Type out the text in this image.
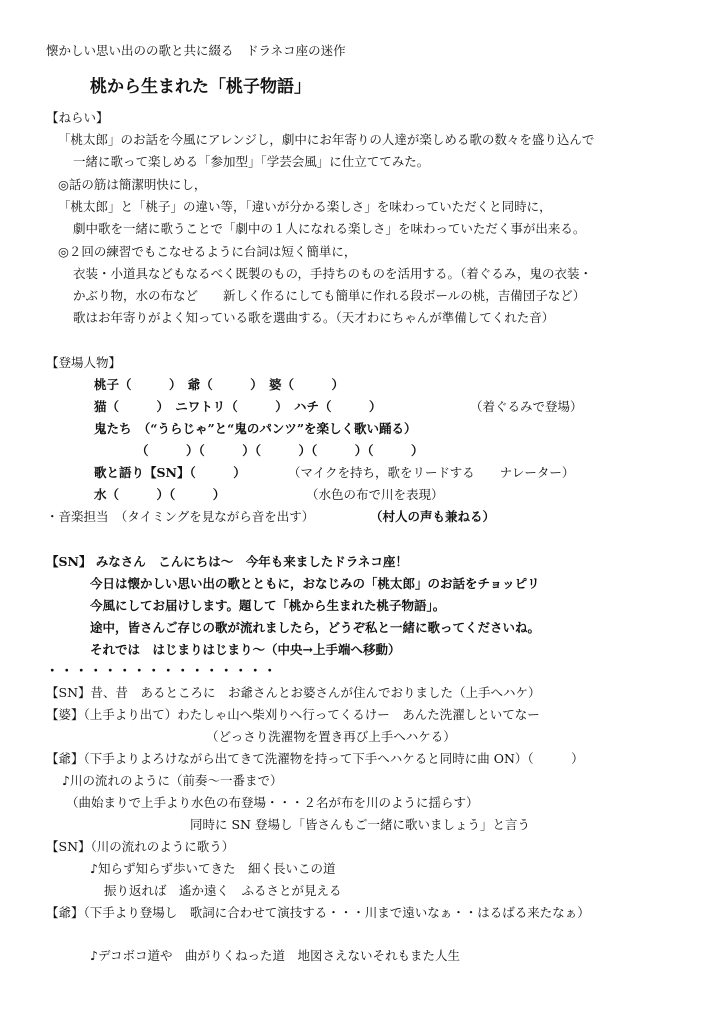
懐かしい思い出のの歌と共に綴る　ドラネコ座の迷作
桃から生まれた「桃子物語」
【ねらい】
「桃太郎」のお話を今風にアレンジし，劇中にお年寄りの人達が楽しめる歌の数々を盛り込んで
一緒に歌って楽しめる「参加型」「学芸会風」に仕立ててみた。
◎話の筋は簡潔明快にし，
「桃太郎」と「桃子」の違い等，「違いが分かる楽しさ」を味わっていただくと同時に，
劇中歌を一緒に歌うことで「劇中の１人になれる楽しさ」を味わっていただく事が出来る。
◎２回の練習でもこなせるように台詞は短く簡単に，
衣装・小道具などもなるべく既製のもの，手持ちのものを活用する。（着ぐるみ，鬼の衣装・
かぶり物，水の布など　　新しく作るにしても簡単に作れる段ボールの桃，吉備団子など）
歌はお年寄りがよく知っている歌を選曲する。（天才わにちゃんが準備してくれた音）
【登場人物】
桃子（　　　）　爺（　　　）　婆（　　　）
猫（　　　）　ニワトリ（　　　）　ハチ（　　　）	（着ぐるみで登場）
鬼たち　（“うらじゃ”と“鬼のパンツ”を楽しく歌い踊る）
（　　　）（　　　）（　　　）（　　　）（　　　）
歌と語り【SN】（　　　）	（マイクを持ち，歌をリードする　　ナレーター）
水（　　　）（　　　）	（水色の布で川を表現）
・音楽担当　（タイミングを見ながら音を出す）	（村人の声も兼ねる）
【SN】 みなさん　こんにちは～　今年も来ましたドラネコ座！
今日は懐かしい思い出の歌とともに，おなじみの「桃太郎」のお話をチョッピリ
今風にしてお届けします。題して「桃から生まれた桃子物語」。
途中，皆さんご存じの歌が流れましたら，どうぞ私と一緒に歌ってくださいね。
それでは　はじまりはじまり～（中央→上手端へ移動）
・・・・・・・・・・・・・・・・
【SN】昔、昔　あるところに　お爺さんとお婆さんが住んでおりました（上手へハケ）
【婆】（上手より出て）わたしゃ山へ柴刈りへ行ってくるけー　あんた洗濯しといてなー
（どっさり洗濯物を置き再び上手へハケる）
【爺】（下手よりよろけながら出てきて洗濯物を持って下手へハケると同時に曲 ON）（　　　）
♪川の流れのように（前奏～一番まで）
（曲始まりで上手より水色の布登場・・・２名が布を川のように揺らす）
同時に SN 登場し「皆さんもご一緒に歌いましょう」と言う
【SN】（川の流れのように歌う）
♪知らず知らず歩いてきた　細く長いこの道
振り返れば　遙か遠く　ふるさとが見える
【爺】（下手より登場し　歌詞に合わせて演技する・・・川まで遠いなぁ・・はるばる来たなぁ）
♪デコボコ道や　曲がりくねった道　地図さえないそれもまた人生
